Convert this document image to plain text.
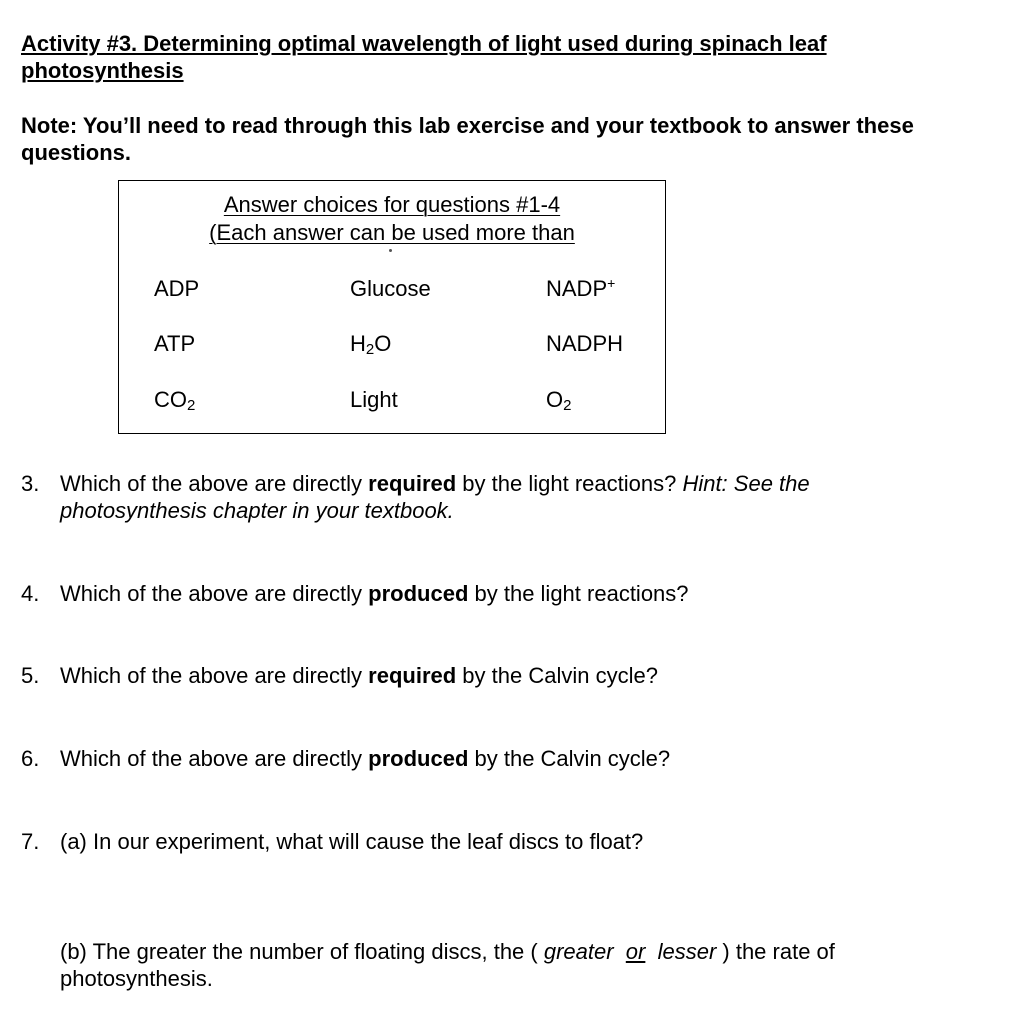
Activity #3. Determining optimal wavelength of light used during spinach leaf
photosynthesis
Note: You’ll need to read through this lab exercise and your textbook to answer these
questions.
Answer choices for questions #1-4
(Each answer can be used more than
ADP	Glucose	NADP+
ATP	$H_2O$	NADPH
$CO_2$	Light	$O_2$
3. Which of the above are directly required by the light reactions? Hint: See the
photosynthesis chapter in your textbook.
4. Which of the above are directly produced by the light reactions?
5. Which of the above are directly required by the Calvin cycle?
6. Which of the above are directly produced by the Calvin cycle?
7. (a) In our experiment, what will cause the leaf discs to float?
(b) The greater the number of floating discs, the ( greater or lesser ) the rate of
photosynthesis.
